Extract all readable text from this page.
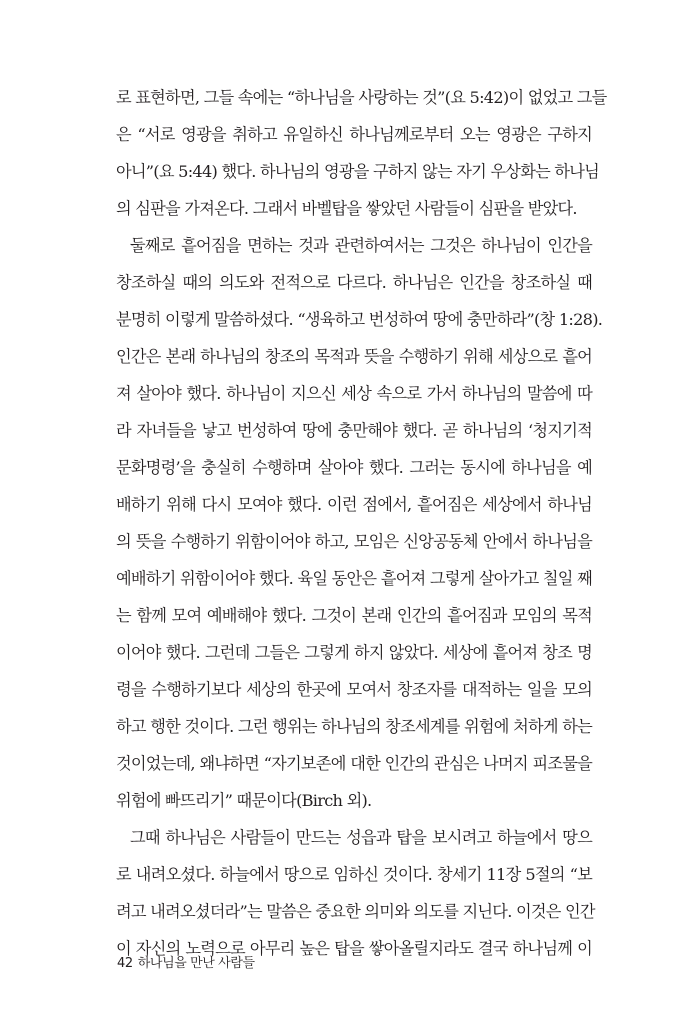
로 표현하면, 그들 속에는 “하나님을 사랑하는 것”(요 5:42)이 없었고 그들
은 “서로 영광을 취하고 유일하신 하나님께로부터 오는 영광은 구하지
아니”(요 5:44) 했다. 하나님의 영광을 구하지 않는 자기 우상화는 하나님
의 심판을 가져온다. 그래서 바벨탑을 쌓았던 사람들이 심판을 받았다.
둘째로 흩어짐을 면하는 것과 관련하여서는 그것은 하나님이 인간을
창조하실 때의 의도와 전적으로 다르다. 하나님은 인간을 창조하실 때
분명히 이렇게 말씀하셨다. “생육하고 번성하여 땅에 충만하라”(창 1:28).
인간은 본래 하나님의 창조의 목적과 뜻을 수행하기 위해 세상으로 흩어
져 살아야 했다. 하나님이 지으신 세상 속으로 가서 하나님의 말씀에 따
라 자녀들을 낳고 번성하여 땅에 충만해야 했다. 곧 하나님의 ‘청지기적
문화명령’을 충실히 수행하며 살아야 했다. 그러는 동시에 하나님을 예
배하기 위해 다시 모여야 했다. 이런 점에서, 흩어짐은 세상에서 하나님
의 뜻을 수행하기 위함이어야 하고, 모임은 신앙공동체 안에서 하나님을
예배하기 위함이어야 했다. 육일 동안은 흩어져 그렇게 살아가고 칠일 째
는 함께 모여 예배해야 했다. 그것이 본래 인간의 흩어짐과 모임의 목적
이어야 했다. 그런데 그들은 그렇게 하지 않았다. 세상에 흩어져 창조 명
령을 수행하기보다 세상의 한곳에 모여서 창조자를 대적하는 일을 모의
하고 행한 것이다. 그런 행위는 하나님의 창조세계를 위험에 처하게 하는
것이었는데, 왜냐하면 “자기보존에 대한 인간의 관심은 나머지 피조물을
위험에 빠뜨리기” 때문이다(Birch 외).
그때 하나님은 사람들이 만드는 성읍과 탑을 보시려고 하늘에서 땅으
로 내려오셨다. 하늘에서 땅으로 임하신 것이다. 창세기 11장 5절의 “보
려고 내려오셨더라”는 말씀은 중요한 의미와 의도를 지닌다. 이것은 인간
이 자신의 노력으로 아무리 높은 탑을 쌓아올릴지라도 결국 하나님께 이
42 하나님을 만난 사람들
